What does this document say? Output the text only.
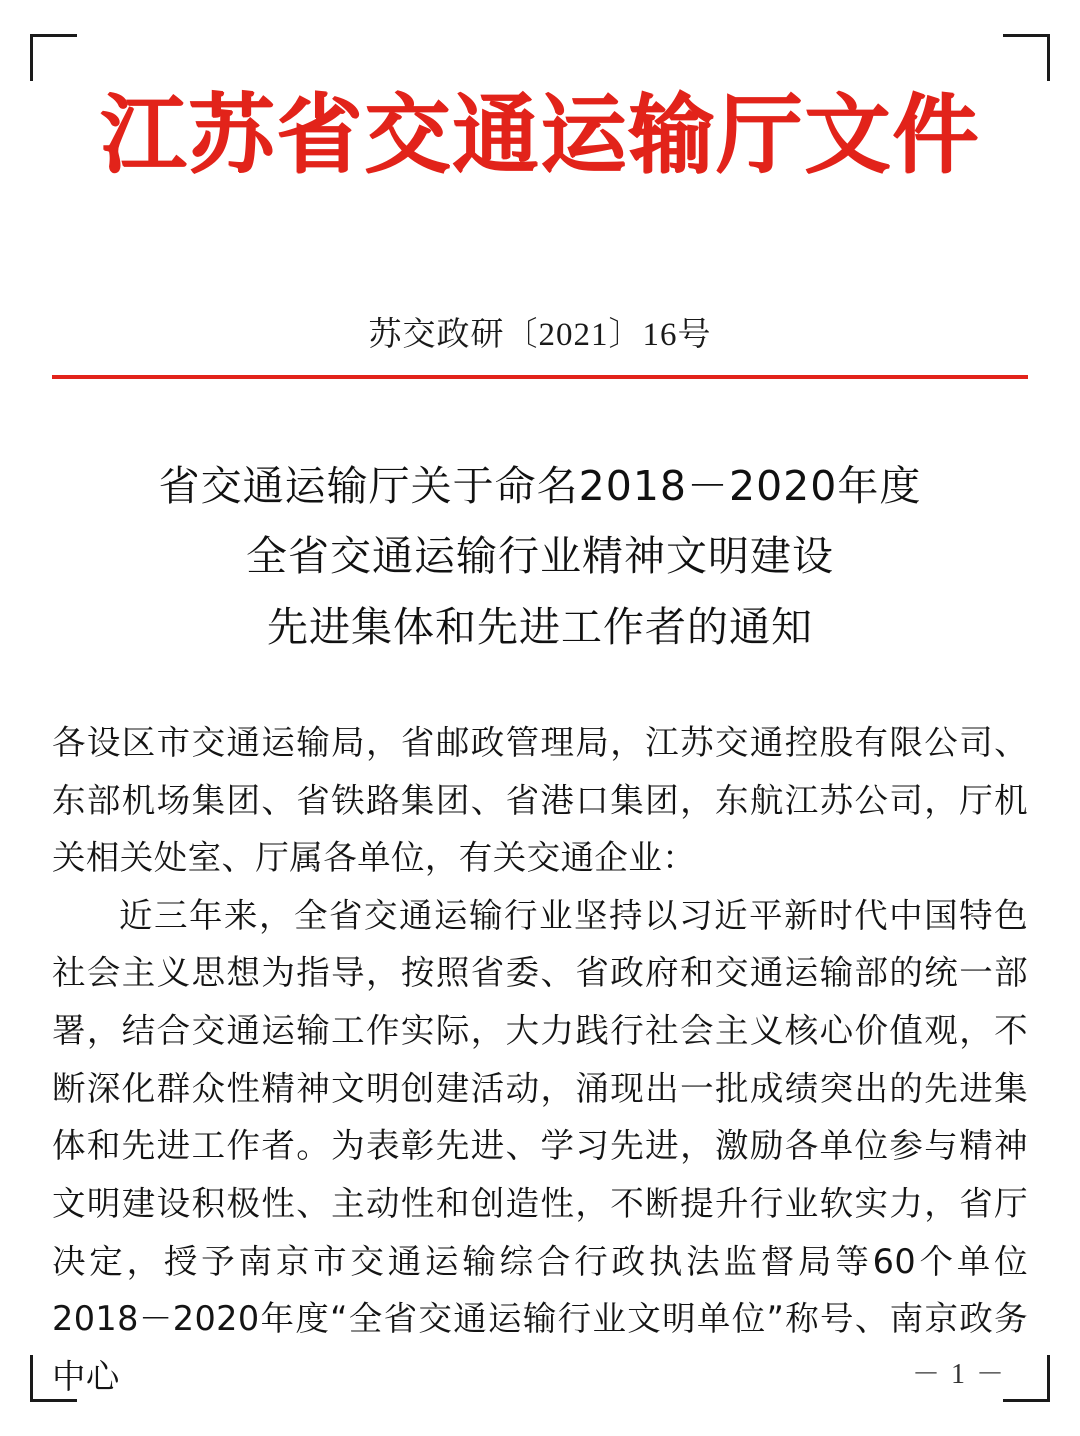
江苏省交通运输厅文件
苏交政研〔2021〕16号
省交通运输厅关于命名2018－2020年度
全省交通运输行业精神文明建设
先进集体和先进工作者的通知

各设区市交通运输局，省邮政管理局，江苏交通控股有限公司、东部机场集团、省铁路集团、省港口集团，东航江苏公司，厅机关相关处室、厅属各单位，有关交通企业：

近三年来，全省交通运输行业坚持以习近平新时代中国特色社会主义思想为指导，按照省委、省政府和交通运输部的统一部署，结合交通运输工作实际，大力践行社会主义核心价值观，不断深化群众性精神文明创建活动，涌现出一批成绩突出的先进集体和先进工作者。为表彰先进、学习先进，激励各单位参与精神文明建设积极性、主动性和创造性，不断提升行业软实力，省厅决定，授予南京市交通运输综合行政执法监督局等60个单位2018－2020年度“全省交通运输行业文明单位”称号、南京政务中心	－ 1 －
